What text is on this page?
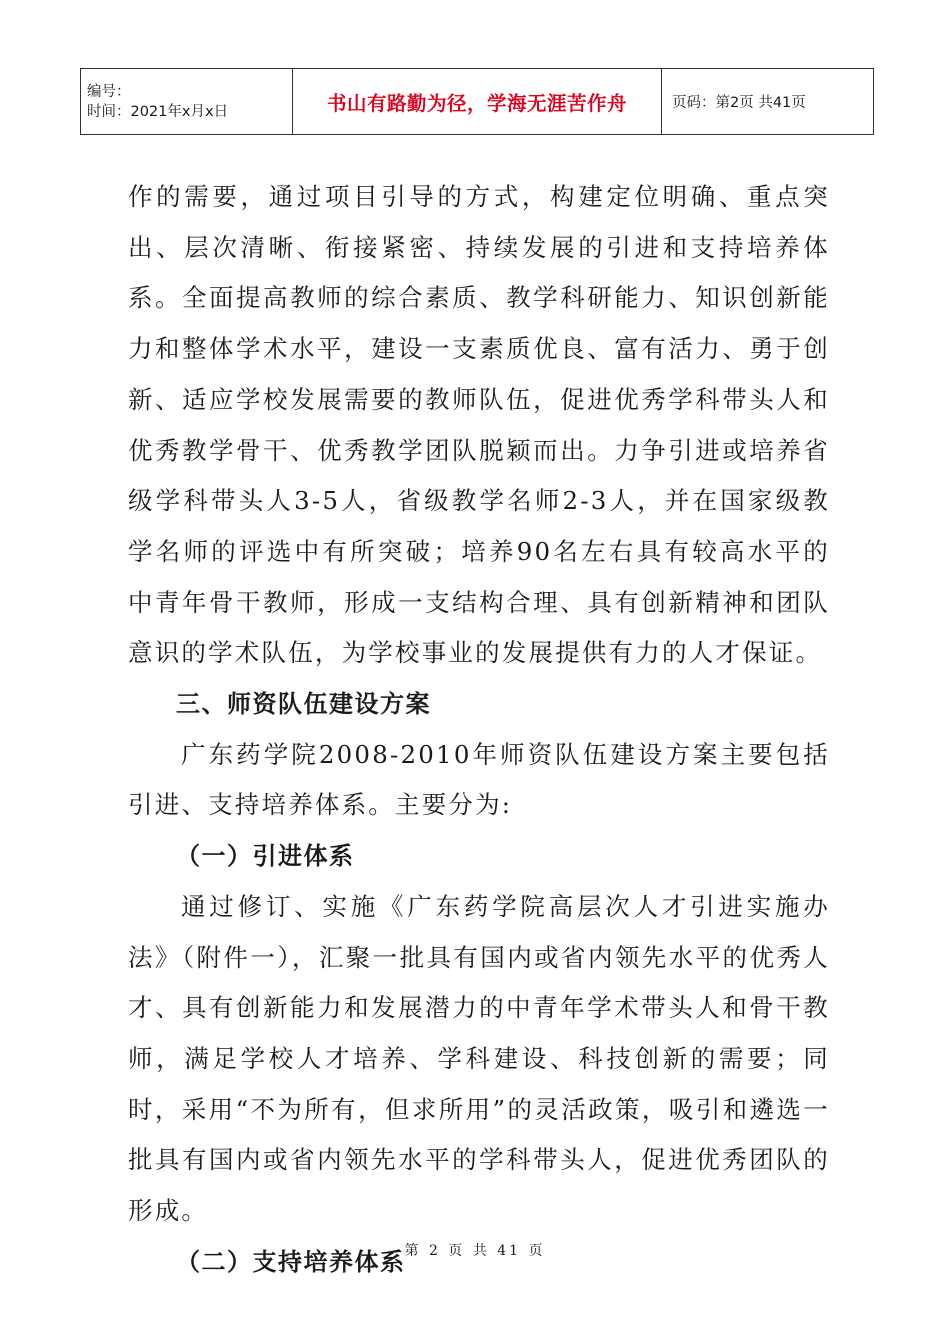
编号：
时间：2021年x月x日	书山有路勤为径，学海无涯苦作舟	页码：第2页 共41页

作的需要，通过项目引导的方式，构建定位明确、重点突出、层次清晰、衔接紧密、持续发展的引进和支持培养体系。全面提高教师的综合素质、教学科研能力、知识创新能力和整体学术水平，建设一支素质优良、富有活力、勇于创新、适应学校发展需要的教师队伍，促进优秀学科带头人和优秀教学骨干、优秀教学团队脱颖而出。力争引进或培养省级学科带头人3-5人，省级教学名师2-3人，并在国家级教学名师的评选中有所突破；培养90名左右具有较高水平的中青年骨干教师，形成一支结构合理、具有创新精神和团队意识的学术队伍，为学校事业的发展提供有力的人才保证。

三、师资队伍建设方案

广东药学院2008-2010年师资队伍建设方案主要包括引进、支持培养体系。主要分为:

（一）引进体系

通过修订、实施《广东药学院高层次人才引进实施办法》（附件一），汇聚一批具有国内或省内领先水平的优秀人才、具有创新能力和发展潜力的中青年学术带头人和骨干教师，满足学校人才培养、学科建设、科技创新的需要；同时，采用“不为所有，但求所用”的灵活政策，吸引和遴选一批具有国内或省内领先水平的学科带头人，促进优秀团队的形成。

（二）支持培养体系 第 2 页 共 41 页
